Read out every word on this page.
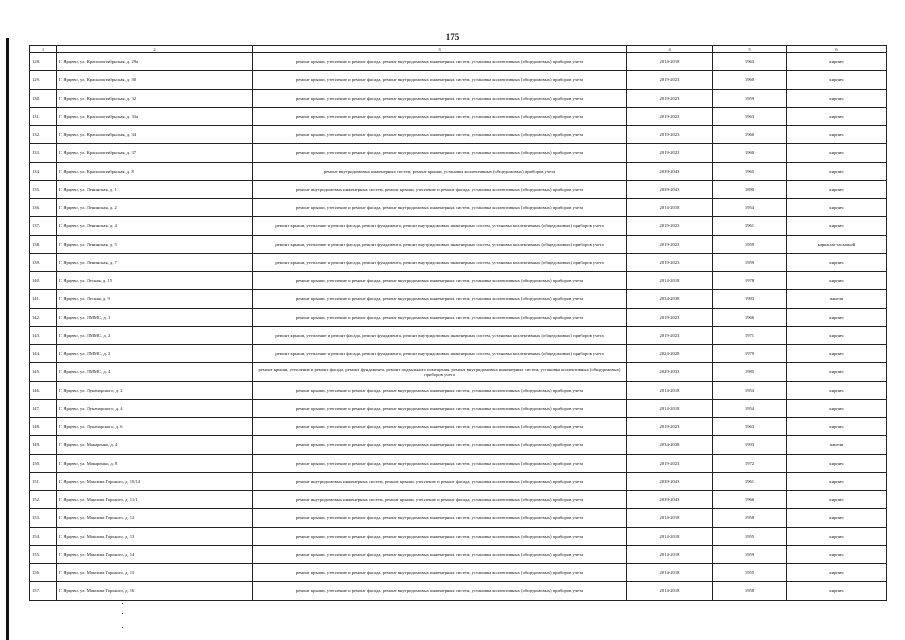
175
1	2	3	4	5	6
128.	Г. Ярцево, ул. Краснооктябрьская, д. 29а	ремонт крыши, утепление и ремонт фасада, ремонт внутридомовых инженерных систем, установка коллективных (общедомовых) приборов учета	2014-2018	1963	кирпич
129.	Г. Ярцево, ул. Краснооктябрьская, д. 30	ремонт крыши, утепление и ремонт фасада, ремонт внутридомовых инженерных систем, установка коллективных (общедомовых) приборов учета	2019-2023	1960	кирпич
130.	Г. Ярцево, ул. Краснооктябрьская, д. 32	ремонт крыши, утепление и ремонт фасада, ремонт внутридомовых инженерных систем, установка коллективных (общедомовых) приборов учета	2019-2023	1959	кирпич
131.	Г. Ярцево, ул. Краснооктябрьская, д. 33а	ремонт крыши, утепление и ремонт фасада, ремонт внутридомовых инженерных систем, установка коллективных (общедомовых) приборов учета	2019-2023	1963	кирпич
132.	Г. Ярцево, ул. Краснооктябрьская, д. 34	ремонт крыши, утепление и ремонт фасада, ремонт внутридомовых инженерных систем, установка коллективных (общедомовых) приборов учета	2019-2023	1960	кирпич
133.	Г. Ярцево, ул. Краснооктябрьская, д. 37	ремонт крыши, утепление и ремонт фасада, ремонт внутридомовых инженерных систем, установка коллективных (общедомовых) приборов учета	2019-2023	1960	кирпич
134.	Г. Ярцево, ул. Краснооктябрьская, д. 8	ремонт внутридомовых инженерных систем, ремонт крыши, установка коллективных (общедомовых) приборов учета	2039-2043	1965	кирпич
135.	Г. Ярцево, ул. Ленинская, д. 1	ремонт внутридомовых инженерных систем, ремонт крыши, утепление и ремонт фасада, установка коллективных (общедомовых) приборов учета	2039-2043	1890	кирпич
136.	Г. Ярцево, ул. Ленинская, д. 2	ремонт крыши, утепление и ремонт фасада, ремонт внутридомовых инженерных систем, установка коллективных (общедомовых) приборов учета	2014-2018	1954	кирпич
137.	Г. Ярцево, ул. Ленинская, д. 4	ремонт крыши, утепление и ремонт фасада, ремонт фундамента, ремонт внутридомовых инженерных систем, установка коллективных (общедомовых) приборов учета	2019-2023	1961	кирпич
138.	Г. Ярцево, ул. Ленинская, д. 5	ремонт крыши, утепление и ремонт фасада, ремонт фундамента, ремонт внутридомовых инженерных систем, установка коллективных (общедомовых) приборов учета	2019-2023	1959	каркасно-засыпной
139.	Г. Ярцево, ул. Ленинская, д. 7	ремонт крыши, утепление и ремонт фасада, ремонт фундамента, ремонт внутридомовых инженерных систем, установка коллективных (общедомовых) приборов учета	2019-2023	1959	кирпич
140.	Г. Ярцево, ул. Лесная, д. 15	ремонт крыши, утепление и ремонт фасада, ремонт внутридомовых инженерных систем, установка коллективных (общедомовых) приборов учета	2014-2018	1978	кирпич
141.	Г. Ярцево, ул. Лесная, д. 9	ремонт крыши, утепление и ремонт фасада, ремонт внутридомовых инженерных систем, установка коллективных (общедомовых) приборов учета	2034-2038	1993	панели
142.	Г. Ярцево, ул. ЛММС, д. 1	ремонт крыши, утепление и ремонт фасада, ремонт внутридомовых инженерных систем, установка коллективных (общедомовых) приборов учета	2019-2023	1966	кирпич
143.	Г. Ярцево, ул. ЛММС, д. 2	ремонт крыши, утепление и ремонт фасада, ремонт фундамента, ремонт внутридомовых инженерных систем, установка коллективных (общедомовых) приборов учета	2019-2023	1971	кирпич
144.	Г. Ярцево, ул. ЛММС, д. 3	ремонт крыши, утепление и ремонт фасада, ремонт фундамента, ремонт внутридомовых инженерных систем, установка коллективных (общедомовых) приборов учета	2024-2028	1979	кирпич
145.	Г. Ярцево, ул. ЛММС, д. 4	ремонт крыши, утепление и ремонт фасада, ремонт фундамента, ремонт подвального помещения, ремонт внутридомовых инженерных систем, установка коллективных (общедомовых) приборов учета	2029-2033	1985	кирпич
146.	Г. Ярцево, ул. Луначарского, д. 2	ремонт крыши, утепление и ремонт фасада, ремонт внутридомовых инженерных систем, установка коллективных (общедомовых) приборов учета	2014-2018	1954	кирпич
147.	Г. Ярцево, ул. Луначарского, д. 4	ремонт крыши, утепление и ремонт фасада, ремонт внутридомовых инженерных систем, установка коллективных (общедомовых) приборов учета	2014-2018	1954	кирпич
148.	Г. Ярцево, ул. Луначарского, д. 6	ремонт крыши, утепление и ремонт фасада, ремонт внутридомовых инженерных систем, установка коллективных (общедомовых) приборов учета	2019-2023	1963	кирпич
149.	Г. Ярцево, ул. Макаренко, д. 4	ремонт крыши, утепление и ремонт фасада, ремонт внутридомовых инженерных систем, установка коллективных (общедомовых) приборов учета	2034-2038	1993	панели
150.	Г. Ярцево, ул. Макаренко, д. 8	ремонт крыши, утепление и ремонт фасада, ремонт внутридомовых инженерных систем, установка коллективных (общедомовых) приборов учета	2019-2023	1972	кирпич
151.	Г. Ярцево, ул. Максима Горького, д. 10/14	ремонт внутридомовых инженерных систем, ремонт крыши, утепление и ремонт фасада, установка коллективных (общедомовых) приборов учета	2039-2043	1961	кирпич
152.	Г. Ярцево, ул. Максима Горького, д. 11/1	ремонт внутридомовых инженерных систем, ремонт крыши, утепление и ремонт фасада, установка коллективных (общедомовых) приборов учета	2039-2043	1966	кирпич
153.	Г. Ярцево, ул. Максима Горького, д. 12	ремонт крыши, утепление и ремонт фасада, ремонт внутридомовых инженерных систем, установка коллективных (общедомовых) приборов учета	2014-2018	1958	кирпич
154.	Г. Ярцево, ул. Максима Горького, д. 13	ремонт крыши, утепление и ремонт фасада, ремонт внутридомовых инженерных систем, установка коллективных (общедомовых) приборов учета	2014-2018	1955	кирпич
155.	Г. Ярцево, ул. Максима Горького, д. 14	ремонт крыши, утепление и ремонт фасада, ремонт внутридомовых инженерных систем, установка коллективных (общедомовых) приборов учета	2014-2018	1959	кирпич
156.	Г. Ярцево, ул. Максима Горького, д. 15	ремонт крыши, утепление и ремонт фасада, ремонт внутридомовых инженерных систем, установка коллективных (общедомовых) приборов учета	2014-2018	1955	кирпич
157.	Г. Ярцево, ул. Максима Горького, д. 16	ремонт крыши, утепление и ремонт фасада, ремонт внутридомовых инженерных систем, установка коллективных (общедомовых) приборов учета	2014-2018	1958	кирпич
